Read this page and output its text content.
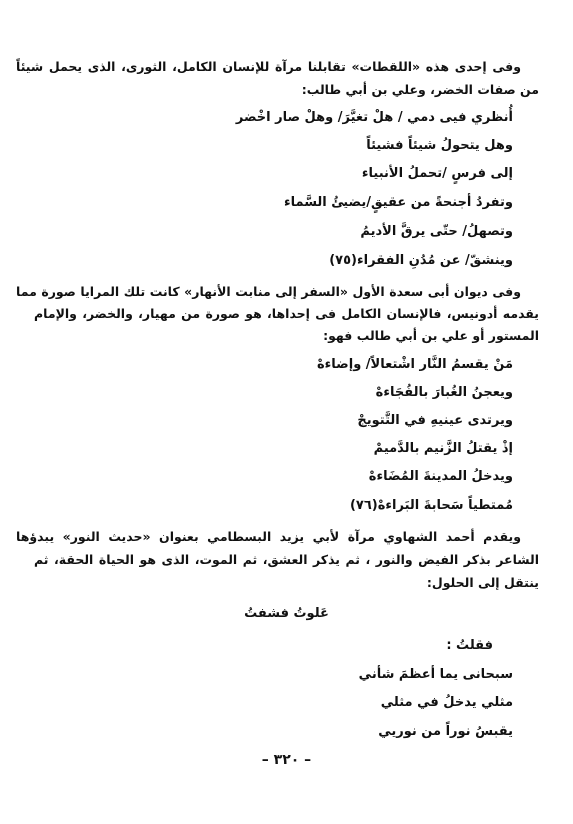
وفى إحدى هذه «اللقطات» تقابلنا مرآة للإنسان الكامل، الثورى، الذى يحمل شيئاً
من صفات الخضر، وعلي بن أبي طالب:
أُنظري فيى دمي / هلْ تغيَّرَ/ وهلْ صار اخْضر
وهل يتحولُ شيئاً فشيئاً
إلى فرسٍ /تحملُ الأنبياء
وتفردُ أجنحةً من عقيقٍ/يضيئُ السَّماء
وتصهلُ/ حتّى يرقَّ الأديمُ
وينشقّ/ عن مُدُنِ الفقراء(٧٥)
وفى ديوان أبى سعدة الأول «السفر إلى منابت الأنهار» كانت تلك المرايا صورة مما
يقدمه أدونيس، فالإنسان الكامل فى إحداها، هو صورة من مهيار، والخضر، والإمام
المستور أو علي بن أبي طالب فهو:
مَنْ يقسمُ النَّار اشْتعالاً/ وإضاءهْ
ويعجنُ الغُبارَ بالفُجَاءهْ
ويرتدى عينيهِ في التَّتويجْ
إذْ يقتلُ الزَّنيم بالدَّميمْ
ويدخلُ المدينةَ المُضَاءهْ
مُمتطياً سَحابةَ البَراءهْ(٧٦)
ويقدم أحمد الشهاوي مرآة لأبي يزيد البسطامي بعنوان «حديث النور» يبدؤها
الشاعر بذكر الفيض والنور ، ثم يذكر العشق، ثم الموت، الذى هو الحياة الحقة، ثم
ينتقل إلى الحلول:
عَلوتُ فشفتُ
فقلتُ :
سبحانى يما أعظمَ شأني
مثلي يدخلُ في مثلي
يقبسُ نوراً من نوريي
– ٣٢٠ –
